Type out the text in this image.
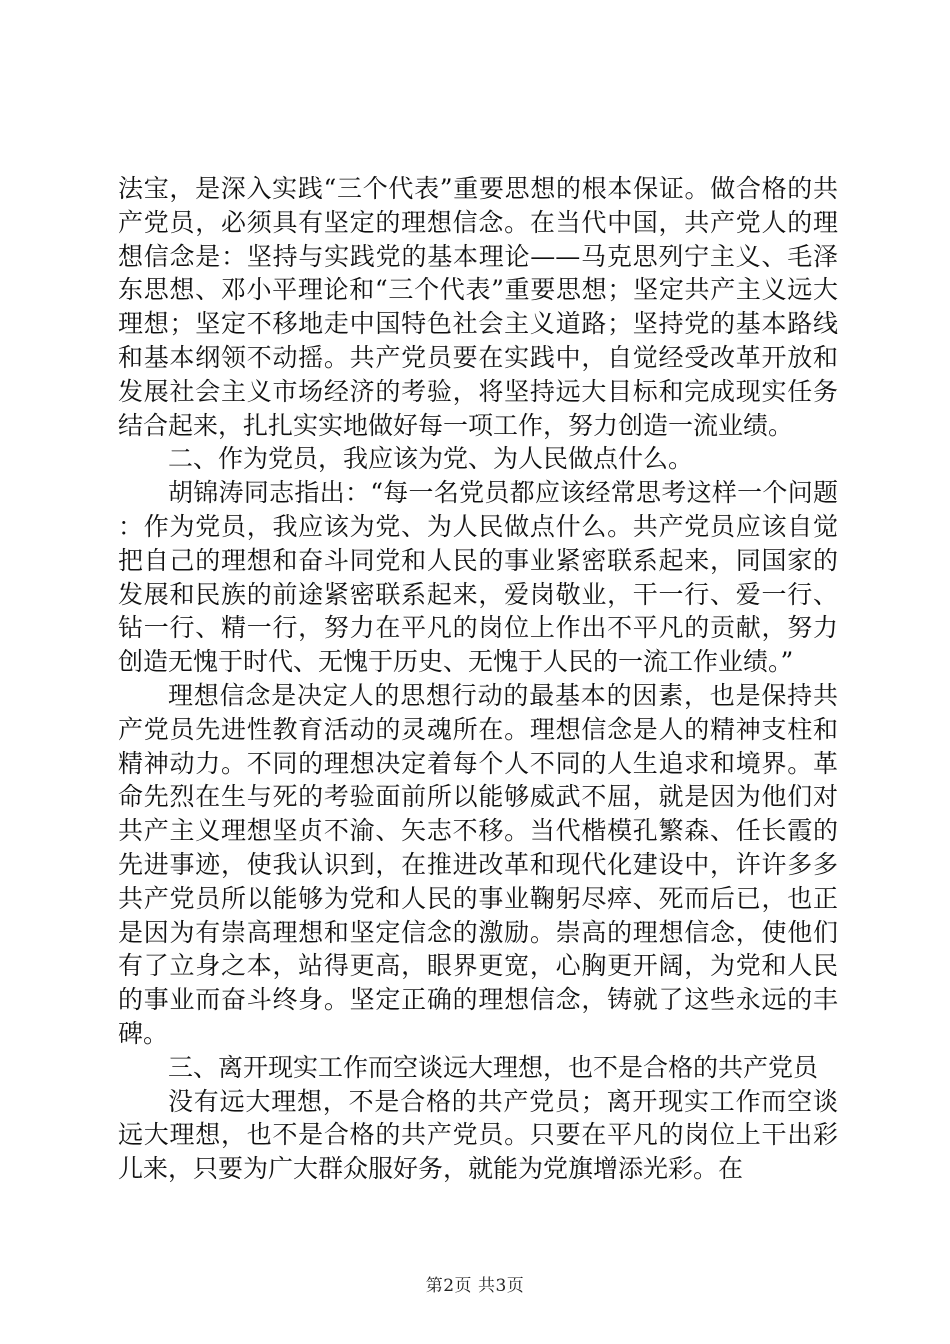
法宝，是深入实践“三个代表”重要思想的根本保证。做合格的共产党员，必须具有坚定的理想信念。在当代中国，共产党人的理想信念是：坚持与实践党的基本理论——马克思列宁主义、毛泽东思想、邓小平理论和“三个代表”重要思想；坚定共产主义远大理想；坚定不移地走中国特色社会主义道路；坚持党的基本路线和基本纲领不动摇。共产党员要在实践中，自觉经受改革开放和发展社会主义市场经济的考验，将坚持远大目标和完成现实任务结合起来，扎扎实实地做好每一项工作，努力创造一流业绩。

二、作为党员，我应该为党、为人民做点什么。

胡锦涛同志指出：“每一名党员都应该经常思考这样一个问题：作为党员，我应该为党、为人民做点什么。共产党员应该自觉把自己的理想和奋斗同党和人民的事业紧密联系起来，同国家的发展和民族的前途紧密联系起来，爱岗敬业，干一行、爱一行、钻一行、精一行，努力在平凡的岗位上作出不平凡的贡献，努力创造无愧于时代、无愧于历史、无愧于人民的一流工作业绩。”

理想信念是决定人的思想行动的最基本的因素，也是保持共产党员先进性教育活动的灵魂所在。理想信念是人的精神支柱和精神动力。不同的理想决定着每个人不同的人生追求和境界。革命先烈在生与死的考验面前所以能够威武不屈，就是因为他们对共产主义理想坚贞不渝、矢志不移。当代楷模孔繁森、任长霞的先进事迹，使我认识到，在推进改革和现代化建设中，许许多多共产党员所以能够为党和人民的事业鞠躬尽瘁、死而后已，也正是因为有崇高理想和坚定信念的激励。崇高的理想信念，使他们有了立身之本，站得更高，眼界更宽，心胸更开阔，为党和人民的事业而奋斗终身。坚定正确的理想信念，铸就了这些永远的丰碑。

三、离开现实工作而空谈远大理想，也不是合格的共产党员

没有远大理想，不是合格的共产党员；离开现实工作而空谈远大理想，也不是合格的共产党员。只要在平凡的岗位上干出彩儿来，只要为广大群众服好务，就能为党旗增添光彩。在

第2页 共3页
